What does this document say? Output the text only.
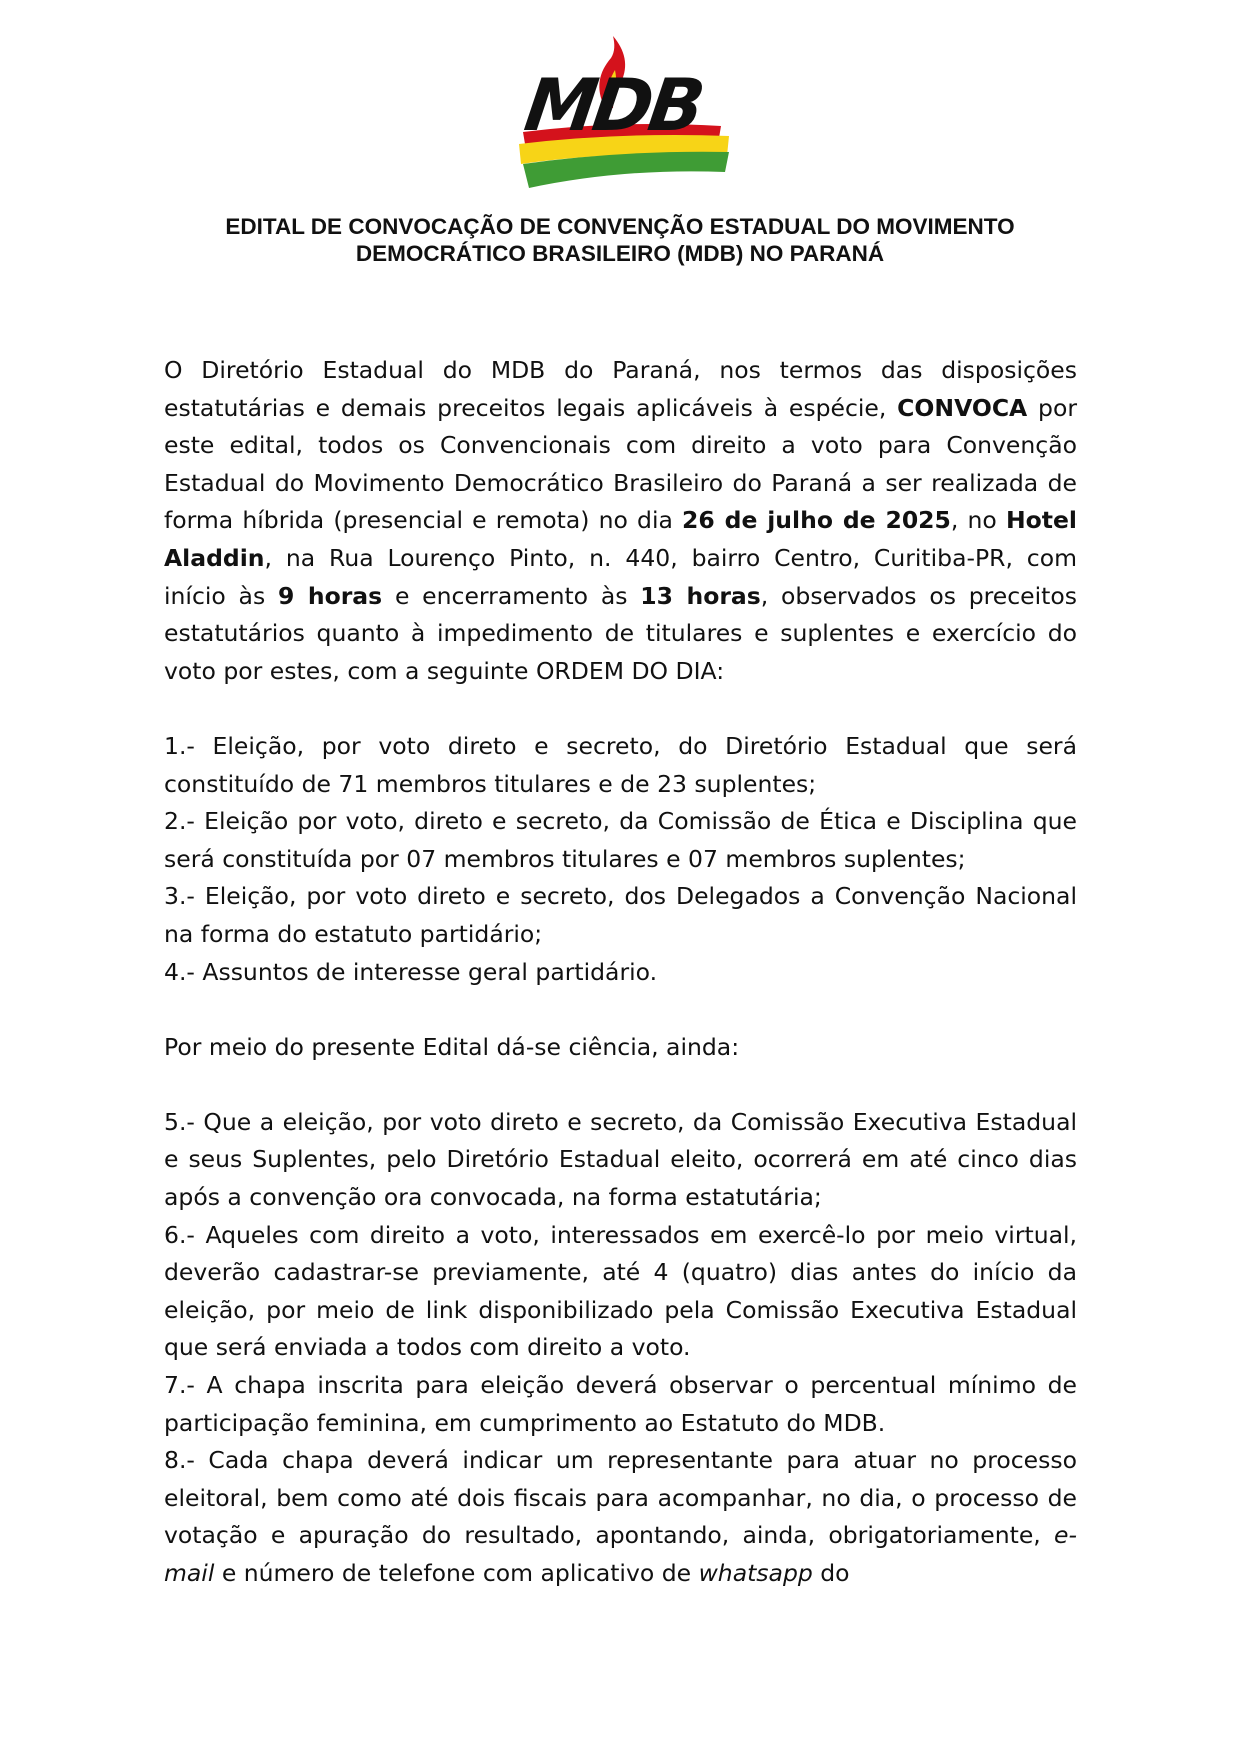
MDB
EDITAL DE CONVOCAÇÃO DE CONVENÇÃO ESTADUAL DO MOVIMENTO
DEMOCRÁTICO BRASILEIRO (MDB) NO PARANÁ

O Diretório Estadual do MDB do Paraná, nos termos das disposições estatutárias e demais preceitos legais aplicáveis à espécie, CONVOCA por este edital, todos os Convencionais com direito a voto para Convenção Estadual do Movimento Democrático Brasileiro do Paraná a ser realizada de forma híbrida (presencial e remota) no dia 26 de julho de 2025, no Hotel Aladdin, na Rua Lourenço Pinto, n. 440, bairro Centro, Curitiba-PR, com início às 9 horas e encerramento às 13 horas, observados os preceitos estatutários quanto à impedimento de titulares e suplentes e exercício do voto por estes, com a seguinte ORDEM DO DIA:

1.- Eleição, por voto direto e secreto, do Diretório Estadual que será constituído de 71 membros titulares e de 23 suplentes;

2.- Eleição por voto, direto e secreto, da Comissão de Ética e Disciplina que será constituída por 07 membros titulares e 07 membros suplentes;

3.- Eleição, por voto direto e secreto, dos Delegados a Convenção Nacional na forma do estatuto partidário;

4.- Assuntos de interesse geral partidário.

Por meio do presente Edital dá-se ciência, ainda:

5.- Que a eleição, por voto direto e secreto, da Comissão Executiva Estadual e seus Suplentes, pelo Diretório Estadual eleito, ocorrerá em até cinco dias após a convenção ora convocada, na forma estatutária;

6.- Aqueles com direito a voto, interessados em exercê-lo por meio virtual, deverão cadastrar-se previamente, até 4 (quatro) dias antes do início da eleição, por meio de link disponibilizado pela Comissão Executiva Estadual que será enviada a todos com direito a voto.

7.- A chapa inscrita para eleição deverá observar o percentual mínimo de participação feminina, em cumprimento ao Estatuto do MDB.

8.- Cada chapa deverá indicar um representante para atuar no processo eleitoral, bem como até dois fiscais para acompanhar, no dia, o processo de votação e apuração do resultado, apontando, ainda, obrigatoriamente, e-mail e número de telefone com aplicativo de whatsapp do
